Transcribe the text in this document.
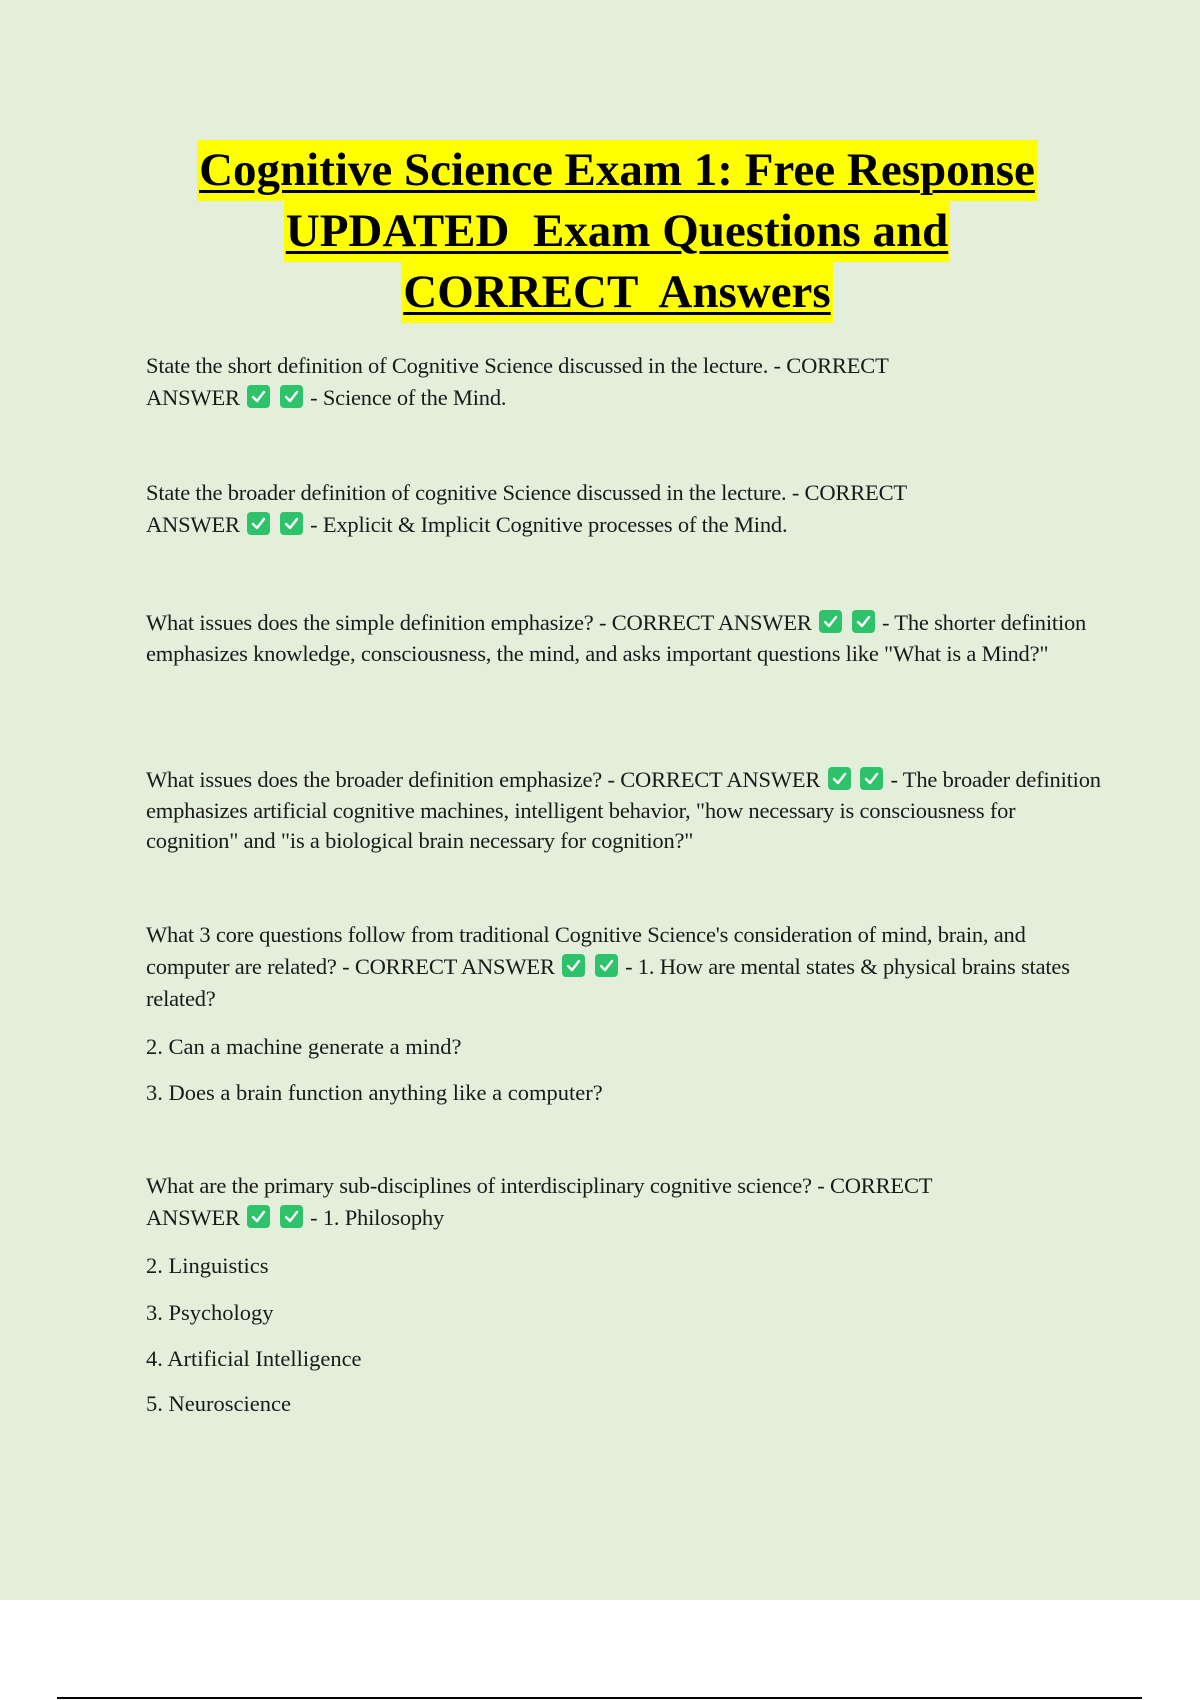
Cognitive Science Exam 1: Free Response
UPDATED  Exam Questions and
CORRECT  Answers
State the short definition of Cognitive Science discussed in the lecture. - CORRECT ANSWER
	- Science of the Mind.
State the broader definition of cognitive Science discussed in the lecture. - CORRECT ANSWER
	- Explicit & Implicit Cognitive processes of the Mind.
What issues does the simple definition emphasize? - CORRECT ANSWER
	- The shorter definition emphasizes knowledge, consciousness, the mind, and asks important questions like "What is a Mind?"
What issues does the broader definition emphasize? - CORRECT ANSWER
	- The broader definition emphasizes artificial cognitive machines, intelligent behavior, "how necessary is consciousness for cognition" and "is a biological brain necessary for cognition?"
What 3 core questions follow from traditional Cognitive Science's consideration of mind, brain, and computer are related? - CORRECT ANSWER
	- 1. How are mental states & physical brains states related?
2. Can a machine generate a mind?
3. Does a brain function anything like a computer?
What are the primary sub-disciplines of interdisciplinary cognitive science? - CORRECT ANSWER
	- 1. Philosophy
2. Linguistics
3. Psychology
4. Artificial Intelligence
5. Neuroscience
